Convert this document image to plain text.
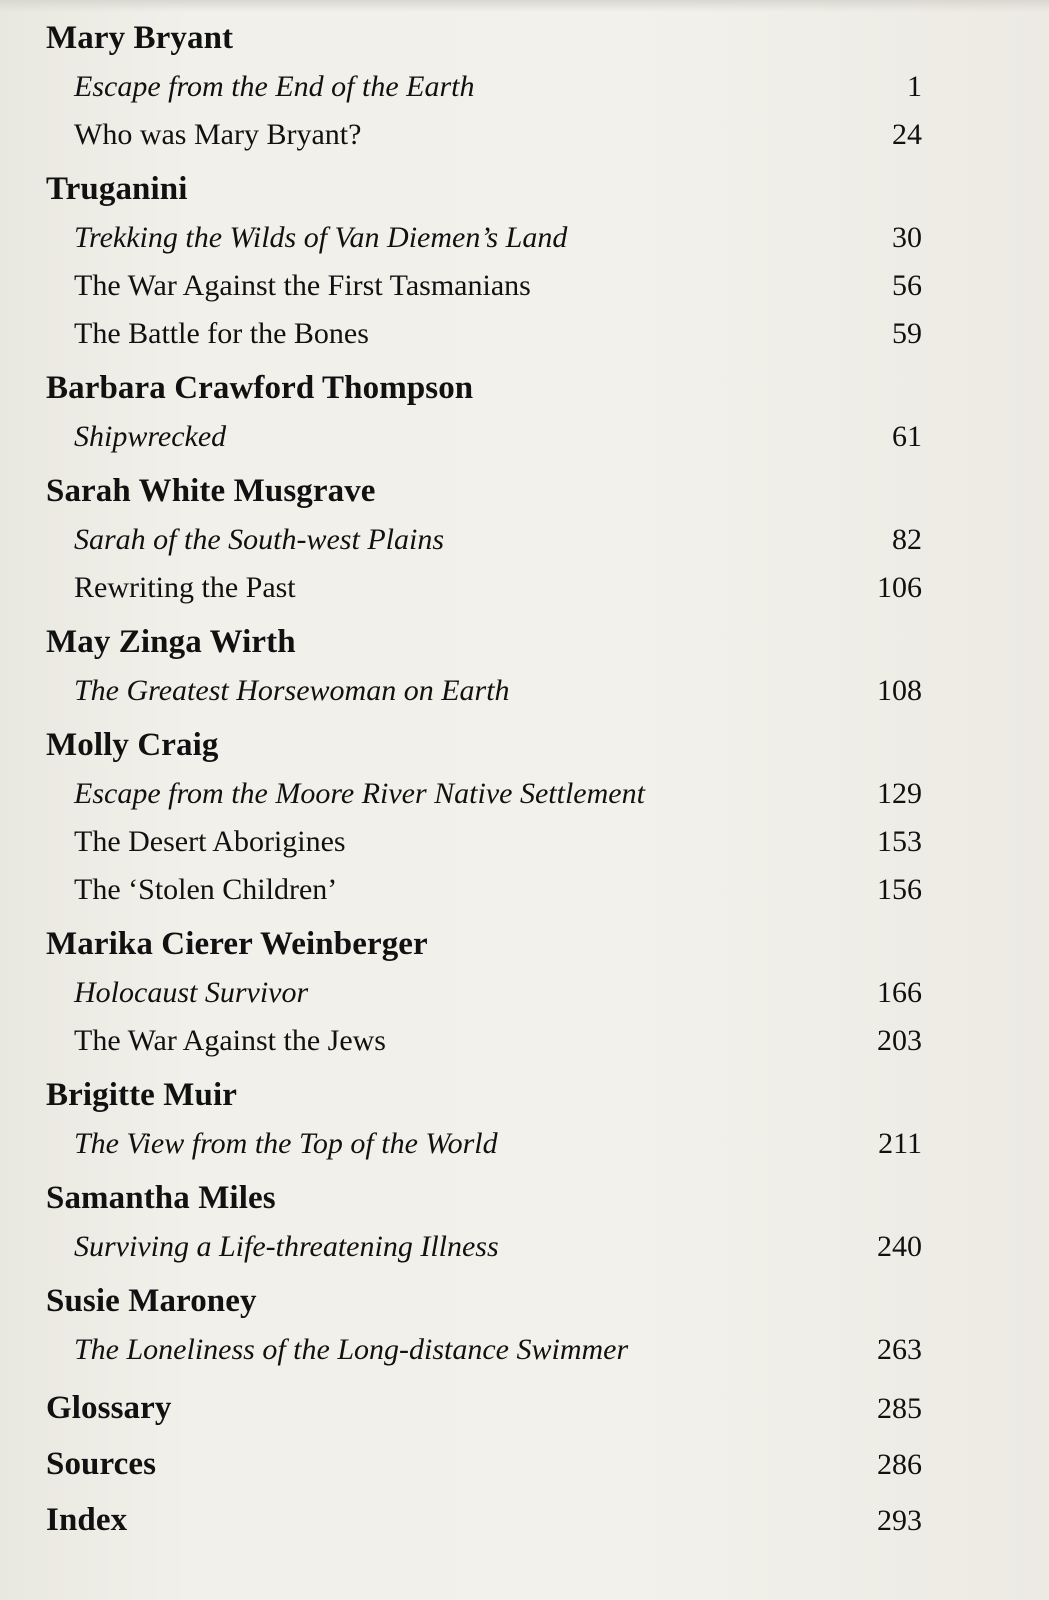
Mary Bryant
Escape from the End of the Earth	1
Who was Mary Bryant?	24
Truganini
Trekking the Wilds of Van Diemen’s Land	30
The War Against the First Tasmanians	56
The Battle for the Bones	59
Barbara Crawford Thompson
Shipwrecked	61
Sarah White Musgrave
Sarah of the South-west Plains	82
Rewriting the Past	106
May Zinga Wirth
The Greatest Horsewoman on Earth	108
Molly Craig
Escape from the Moore River Native Settlement	129
The Desert Aborigines	153
The ‘Stolen Children’	156
Marika Cierer Weinberger
Holocaust Survivor	166
The War Against the Jews	203
Brigitte Muir
The View from the Top of the World	211
Samantha Miles
Surviving a Life-threatening Illness	240
Susie Maroney
The Loneliness of the Long-distance Swimmer	263
Glossary	285
Sources	286
Index	293
